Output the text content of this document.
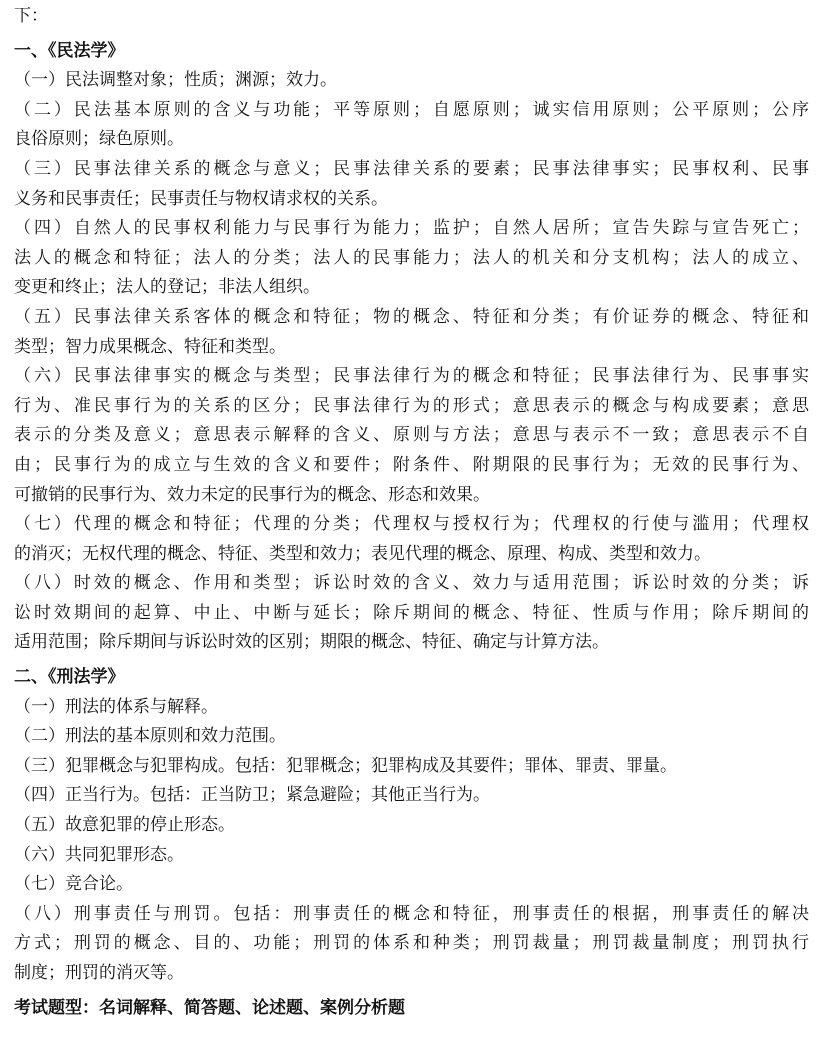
下：
一、《民法学》
（一）民法调整对象；性质；渊源；效力。
（二）民法基本原则的含义与功能；平等原则；自愿原则；诚实信用原则；公平原则；公序
良俗原则；绿色原则。
（三）民事法律关系的概念与意义；民事法律关系的要素；民事法律事实；民事权利、民事
义务和民事责任；民事责任与物权请求权的关系。
（四）自然人的民事权利能力与民事行为能力；监护；自然人居所；宣告失踪与宣告死亡；
法人的概念和特征；法人的分类；法人的民事能力；法人的机关和分支机构；法人的成立、
变更和终止；法人的登记；非法人组织。
（五）民事法律关系客体的概念和特征；物的概念、特征和分类；有价证券的概念、特征和
类型；智力成果概念、特征和类型。
（六）民事法律事实的概念与类型；民事法律行为的概念和特征；民事法律行为、民事事实
行为、准民事行为的关系的区分；民事法律行为的形式；意思表示的概念与构成要素；意思
表示的分类及意义；意思表示解释的含义、原则与方法；意思与表示不一致；意思表示不自
由；民事行为的成立与生效的含义和要件；附条件、附期限的民事行为；无效的民事行为、
可撤销的民事行为、效力未定的民事行为的概念、形态和效果。
（七）代理的概念和特征；代理的分类；代理权与授权行为；代理权的行使与滥用；代理权
的消灭；无权代理的概念、特征、类型和效力；表见代理的概念、原理、构成、类型和效力。
（八）时效的概念、作用和类型；诉讼时效的含义、效力与适用范围；诉讼时效的分类；诉
讼时效期间的起算、中止、中断与延长；除斥期间的概念、特征、性质与作用；除斥期间的
适用范围；除斥期间与诉讼时效的区别；期限的概念、特征、确定与计算方法。
二、《刑法学》
（一）刑法的体系与解释。
（二）刑法的基本原则和效力范围。
（三）犯罪概念与犯罪构成。包括：犯罪概念；犯罪构成及其要件；罪体、罪责、罪量。
（四）正当行为。包括：正当防卫；紧急避险；其他正当行为。
（五）故意犯罪的停止形态。
（六）共同犯罪形态。
（七）竞合论。
（八）刑事责任与刑罚。包括：刑事责任的概念和特征，刑事责任的根据，刑事责任的解决
方式；刑罚的概念、目的、功能；刑罚的体系和种类；刑罚裁量；刑罚裁量制度；刑罚执行
制度；刑罚的消灭等。
考试题型：名词解释、简答题、论述题、案例分析题
